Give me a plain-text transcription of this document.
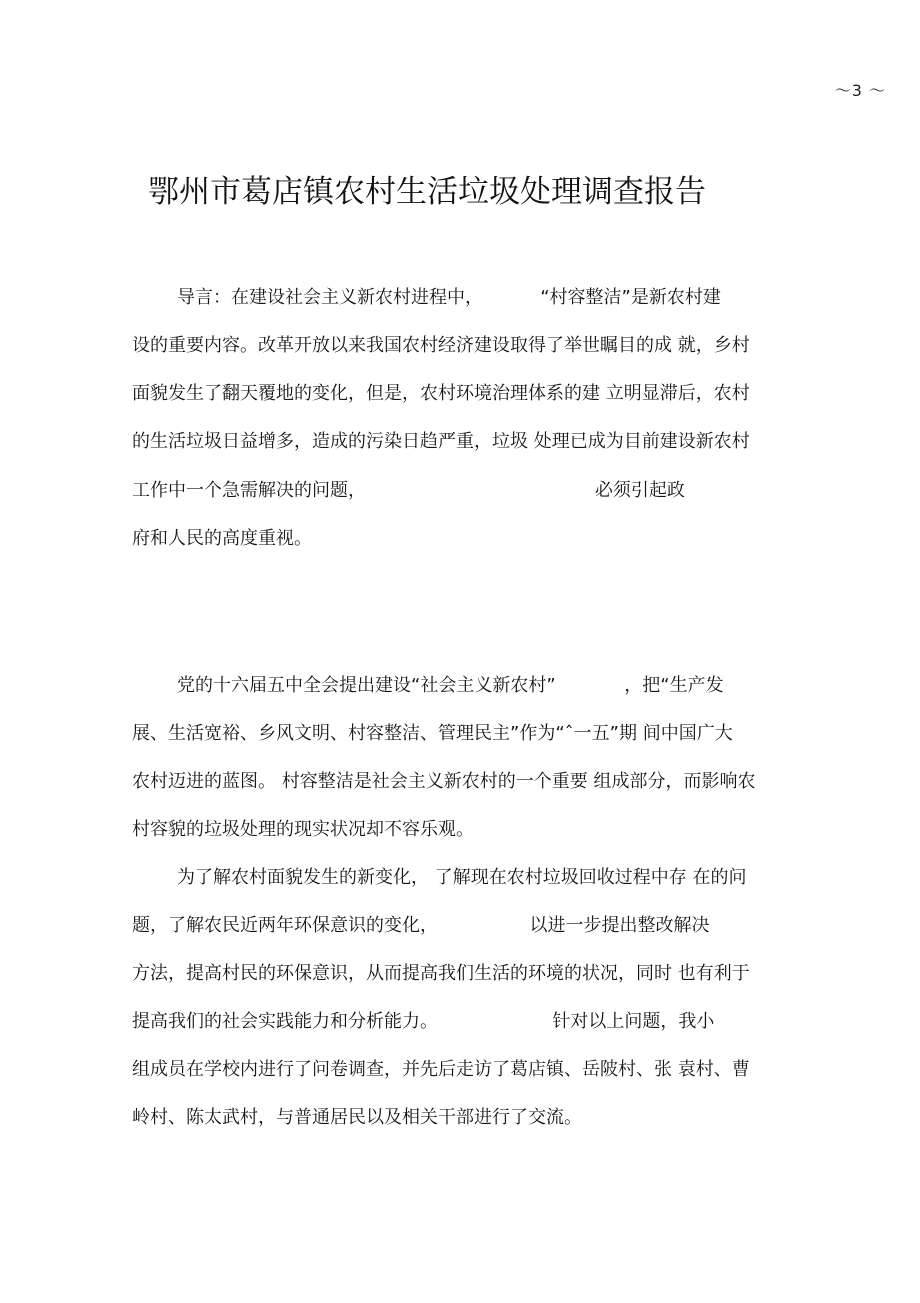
〜3 〜
鄂州市葛店镇农村生活垃圾处理调查报告
导言：在建设社会主义新农村进程中，          “村容整洁”是新农村建
设的重要内容。改革开放以来我国农村经济建设取得了举世瞩目的成 就，乡村
面貌发生了翻天覆地的变化，但是，农村环境治理体系的建 立明显滞后，农村
的生活垃圾日益增多，造成的污染日趋严重，垃圾 处理已成为目前建设新农村
工作中一个急需解决的问题，                                        必须引起政
府和人民的高度重视。
党的十六届五中全会提出建设“社会主义新农村”            ，把“生产发
展、生活宽裕、乡风文明、村容整洁、管理民主”作为“ˆ一五”期 间中国广大
农村迈进的蓝图。 村容整洁是社会主义新农村的一个重要 组成部分，而影响农
村容貌的垃圾处理的现实状况却不容乐观。
为了解农村面貌发生的新变化， 了解现在农村垃圾回收过程中存 在的问
题，了解农民近两年环保意识的变化，                以进一步提出整改解决
方法，提高村民的环保意识，从而提高我们生活的环境的状况，同时 也有利于
提高我们的社会实践能力和分析能力。                    针对以上问题，我小
组成员在学校内进行了问卷调查，并先后走访了葛店镇、岳陂村、张 袁村、曹
岭村、陈太武村，与普通居民以及相关干部进行了交流。
